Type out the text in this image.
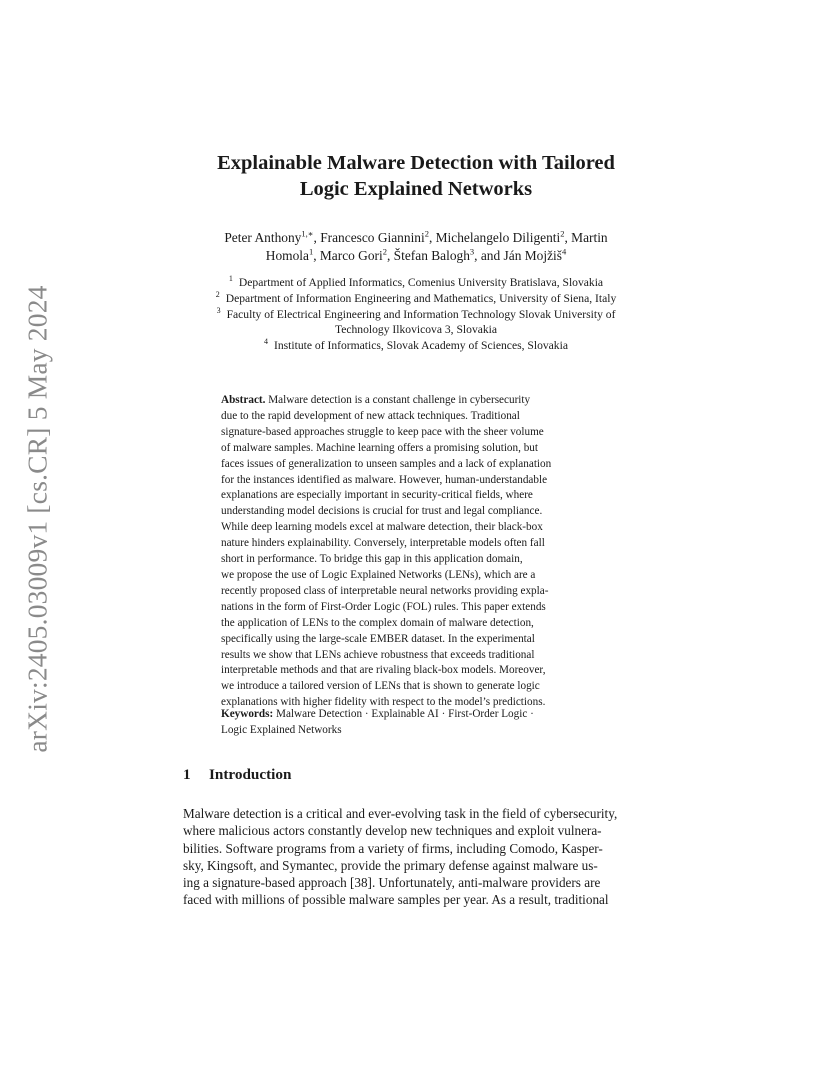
arXiv:2405.03009v1 [cs.CR] 5 May 2024
Explainable Malware Detection with Tailored
Logic Explained Networks
Peter Anthony$^{1,∗}$, Francesco Giannini$^2$, Michelangelo Diligenti$^2$, Martin
Homola$^1$, Marco Gori$^2$, Štefan Balogh$^3$, and Ján Mojžiš$^4$
$^1$ Department of Applied Informatics, Comenius University Bratislava, Slovakia
$^2$ Department of Information Engineering and Mathematics, University of Siena, Italy
$^3$ Faculty of Electrical Engineering and Information Technology Slovak University of
Technology Ilkovicova 3, Slovakia
$^4$ Institute of Informatics, Slovak Academy of Sciences, Slovakia
Abstract. Malware detection is a constant challenge in cybersecurity
due to the rapid development of new attack techniques. Traditional
signature-based approaches struggle to keep pace with the sheer volume
of malware samples. Machine learning offers a promising solution, but
faces issues of generalization to unseen samples and a lack of explanation
for the instances identified as malware. However, human-understandable
explanations are especially important in security-critical fields, where
understanding model decisions is crucial for trust and legal compliance.
While deep learning models excel at malware detection, their black-box
nature hinders explainability. Conversely, interpretable models often fall
short in performance. To bridge this gap in this application domain,
we propose the use of Logic Explained Networks (LENs), which are a
recently proposed class of interpretable neural networks providing expla-
nations in the form of First-Order Logic (FOL) rules. This paper extends
the application of LENs to the complex domain of malware detection,
specifically using the large-scale EMBER dataset. In the experimental
results we show that LENs achieve robustness that exceeds traditional
interpretable methods and that are rivaling black-box models. Moreover,
we introduce a tailored version of LENs that is shown to generate logic
explanations with higher fidelity with respect to the model’s predictions.
Keywords: Malware Detection · Explainable AI · First-Order Logic ·
Logic Explained Networks
1 Introduction
Malware detection is a critical and ever-evolving task in the field of cybersecurity,
where malicious actors constantly develop new techniques and exploit vulnera-
bilities. Software programs from a variety of firms, including Comodo, Kasper-
sky, Kingsoft, and Symantec, provide the primary defense against malware us-
ing a signature-based approach [38]. Unfortunately, anti-malware providers are
faced with millions of possible malware samples per year. As a result, traditional
